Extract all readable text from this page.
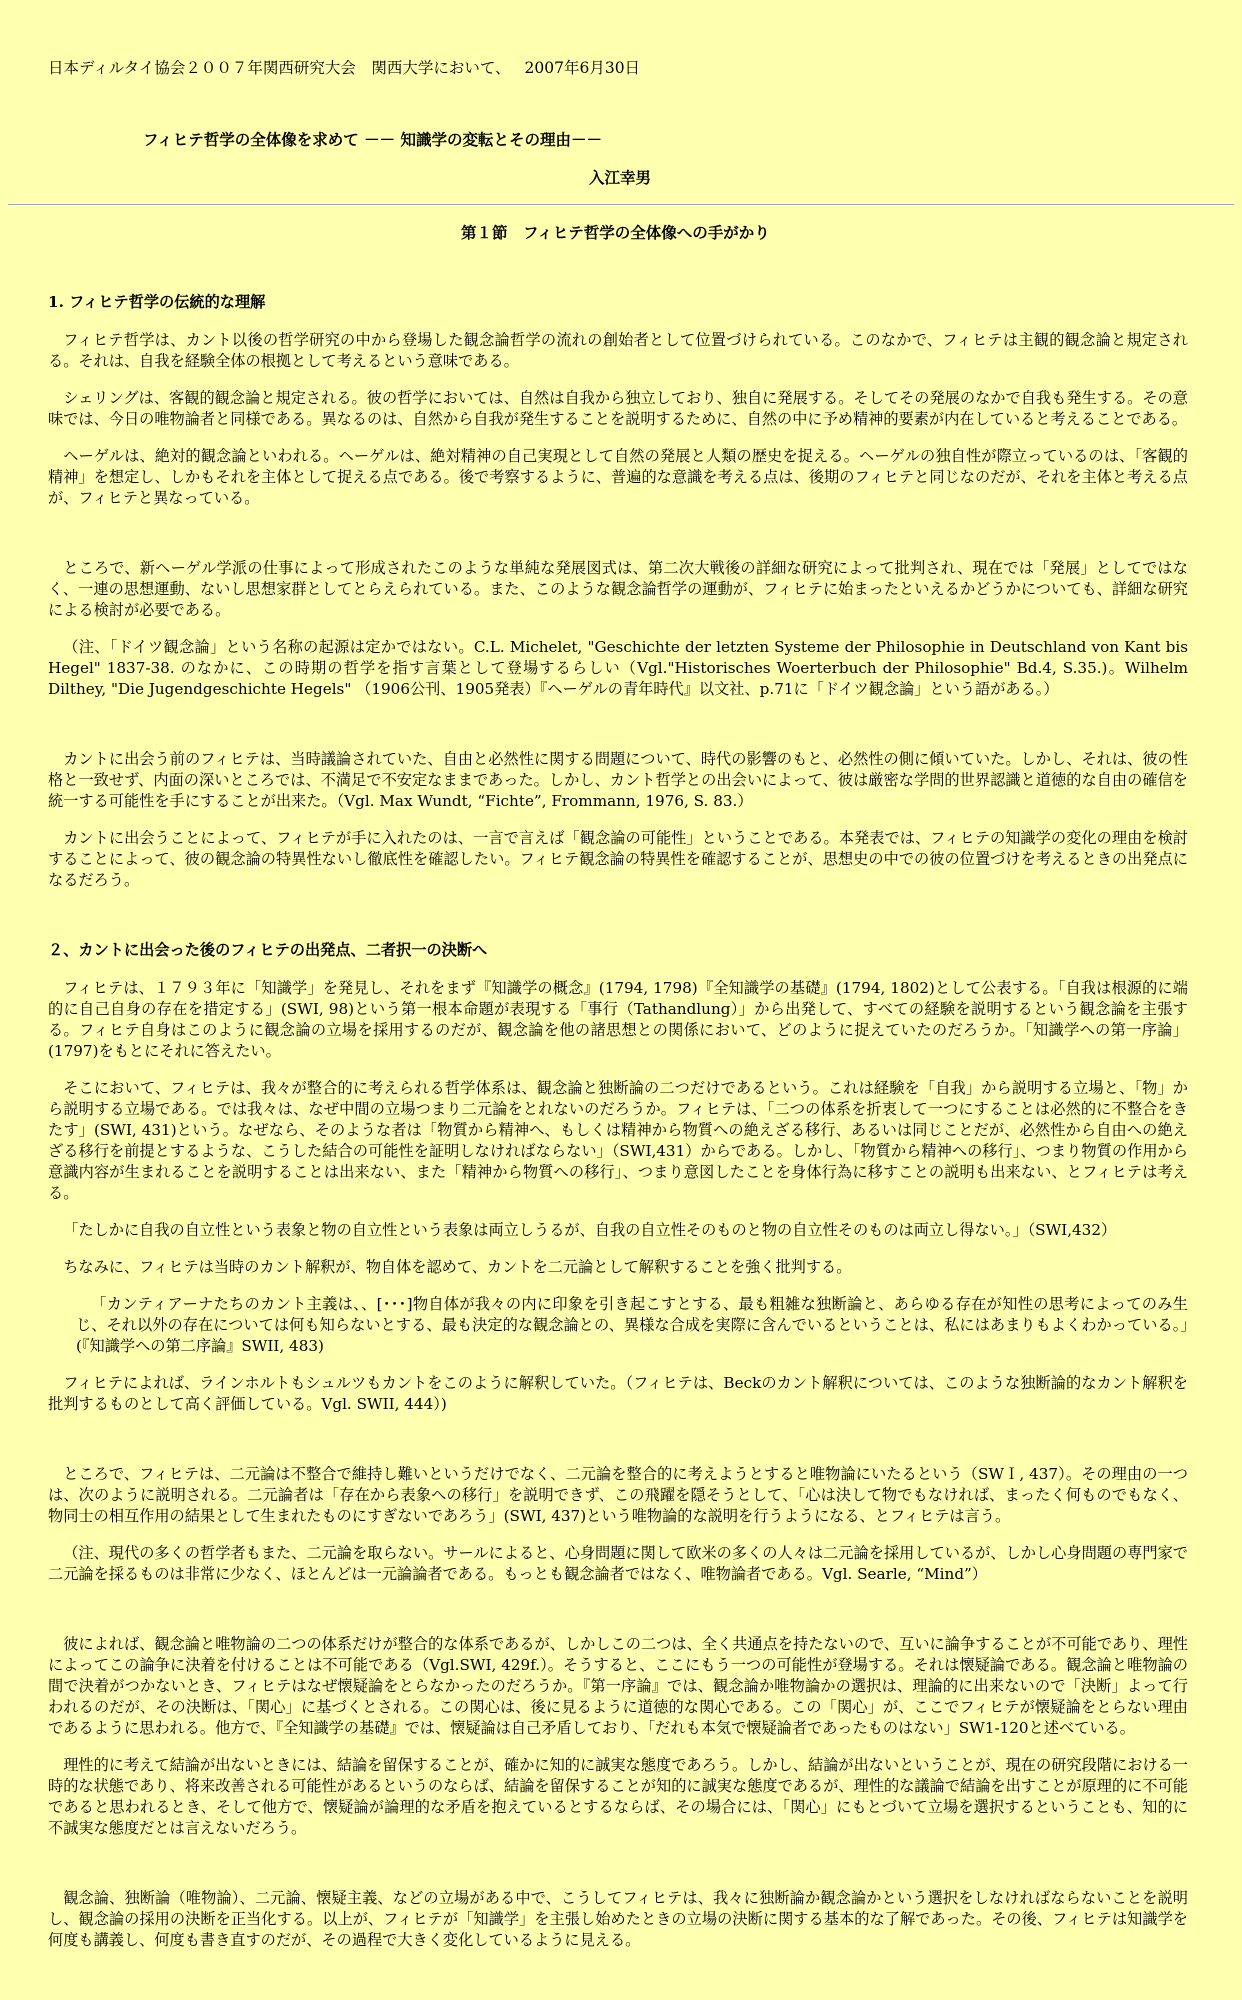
日本ディルタイ協会２００７年関西研究大会　関西大学において、 2007年6月30日

フィヒテ哲学の全体像を求めて －－ 知識学の変転とその理由－－

入江幸男

第１節　フィヒテ哲学の全体像への手がかり

1. フィヒテ哲学の伝統的な理解

フィヒテ哲学は、カント以後の哲学研究の中から登場した観念論哲学の流れの創始者として位置づけられている。このなかで、フィヒテは主観的観念論と規定される。それは、自我を経験全体の根拠として考えるという意味である。

シェリングは、客観的観念論と規定される。彼の哲学においては、自然は自我から独立しており、独自に発展する。そしてその発展のなかで自我も発生する。その意味では、今日の唯物論者と同様である。異なるのは、自然から自我が発生することを説明するために、自然の中に予め精神的要素が内在していると考えることである。

ヘーゲルは、絶対的観念論といわれる。ヘーゲルは、絶対精神の自己実現として自然の発展と人類の歴史を捉える。ヘーゲルの独自性が際立っているのは、「客観的精神」を想定し、しかもそれを主体として捉える点である。後で考察するように、普遍的な意識を考える点は、後期のフィヒテと同じなのだが、それを主体と考える点が、フィヒテと異なっている。

ところで、新ヘーゲル学派の仕事によって形成されたこのような単純な発展図式は、第二次大戦後の詳細な研究によって批判され、現在では「発展」としてではなく、一連の思想運動、ないし思想家群としてとらえられている。また、このような観念論哲学の運動が、フィヒテに始まったといえるかどうかについても、詳細な研究による検討が必要である。

（注、「ドイツ観念論」という名称の起源は定かではない。C.L. Michelet, "Geschichte der letzten Systeme der Philosophie in Deutschland von Kant bis Hegel" 1837-38. のなかに、この時期の哲学を指す言葉として登場するらしい（Vgl."Historisches Woerterbuch der Philosophie" Bd.4, S.35.)。Wilhelm Dilthey, "Die Jugendgeschichte Hegels" （1906公刊、1905発表）『ヘーゲルの青年時代』以文社、p.71に「ドイツ観念論」という語がある。）

カントに出会う前のフィヒテは、当時議論されていた、自由と必然性に関する問題について、時代の影響のもと、必然性の側に傾いていた。しかし、それは、彼の性格と一致せず、内面の深いところでは、不満足で不安定なままであった。しかし、カント哲学との出会いによって、彼は厳密な学問的世界認識と道徳的な自由の確信を統一する可能性を手にすることが出来た。（Vgl. Max Wundt, “Fichte”, Frommann, 1976, S. 83.）

カントに出会うことによって、フィヒテが手に入れたのは、一言で言えば「観念論の可能性」ということである。本発表では、フィヒテの知識学の変化の理由を検討することによって、彼の観念論の特異性ないし徹底性を確認したい。フィヒテ観念論の特異性を確認することが、思想史の中での彼の位置づけを考えるときの出発点になるだろう。

２、カントに出会った後のフィヒテの出発点、二者択一の決断へ

フィヒテは、１７９３年に「知識学」を発見し、それをまず『知識学の概念』(1794, 1798)『全知識学の基礎』(1794, 1802)として公表する。「自我は根源的に端的に自己自身の存在を措定する」(SWI, 98)という第一根本命題が表現する「事行（Tathandlung）」から出発して、すべての経験を説明するという観念論を主張する。フィヒテ自身はこのように観念論の立場を採用するのだが、観念論を他の諸思想との関係において、どのように捉えていたのだろうか。「知識学への第一序論」(1797)をもとにそれに答えたい。

そこにおいて、フィヒテは、我々が整合的に考えられる哲学体系は、観念論と独断論の二つだけであるという。これは経験を「自我」から説明する立場と、「物」から説明する立場である。では我々は、なぜ中間の立場つまり二元論をとれないのだろうか。フィヒテは、「二つの体系を折衷して一つにすることは必然的に不整合をきたす」(SWI, 431)という。なぜなら、そのような者は「物質から精神へ、もしくは精神から物質への絶えざる移行、あるいは同じことだが、必然性から自由への絶えざる移行を前提とするような、こうした結合の可能性を証明しなければならない」（SWI,431）からである。しかし、「物質から精神への移行」、つまり物質の作用から意識内容が生まれることを説明することは出来ない、また「精神から物質への移行」、つまり意図したことを身体行為に移すことの説明も出来ない、とフィヒテは考える。

「たしかに自我の自立性という表象と物の自立性という表象は両立しうるが、自我の自立性そのものと物の自立性そのものは両立し得ない。」（SWI,432）

ちなみに、フィヒテは当時のカント解釈が、物自体を認めて、カントを二元論として解釈することを強く批判する。

「カンティアーナたちのカント主義は、、[･･･]物自体が我々の内に印象を引き起こすとする、最も粗雑な独断論と、あらゆる存在が知性の思考によってのみ生じ、それ以外の存在については何も知らないとする、最も決定的な観念論との、異様な合成を実際に含んでいるということは、私にはあまりもよくわかっている。」(『知識学への第二序論』SWII, 483)

フィヒテによれば、ラインホルトもシュルツもカントをこのように解釈していた。（フィヒテは、Beckのカント解釈については、このような独断論的なカント解釈を批判するものとして高く評価している。Vgl. SWII, 444）)

ところで、フィヒテは、二元論は不整合で維持し難いというだけでなく、二元論を整合的に考えようとすると唯物論にいたるという（SWＩ, 437）。その理由の一つは、次のように説明される。二元論者は「存在から表象への移行」を説明できず、この飛躍を隠そうとして、「心は決して物でもなければ、まったく何ものでもなく、物同士の相互作用の結果として生まれたものにすぎないであろう」(SWI, 437)という唯物論的な説明を行うようになる、とフィヒテは言う。

（注、現代の多くの哲学者もまた、二元論を取らない。サールによると、心身問題に関して欧米の多くの人々は二元論を採用しているが、しかし心身問題の専門家で二元論を採るものは非常に少なく、ほとんどは一元論論者である。もっとも観念論者ではなく、唯物論者である。Vgl. Searle, “Mind”）

彼によれば、観念論と唯物論の二つの体系だけが整合的な体系であるが、しかしこの二つは、全く共通点を持たないので、互いに論争することが不可能であり、理性によってこの論争に決着を付けることは不可能である（Vgl.SWI, 429f.）。そうすると、ここにもう一つの可能性が登場する。それは懐疑論である。観念論と唯物論の間で決着がつかないとき、フィヒテはなぜ懐疑論をとらなかったのだろうか。『第一序論』では、観念論か唯物論かの選択は、理論的に出来ないので「決断」よって行われるのだが、その決断は、「関心」に基づくとされる。この関心は、後に見るように道徳的な関心である。この「関心」が、ここでフィヒテが懐疑論をとらない理由であるように思われる。他方で、『全知識学の基礎』では、懐疑論は自己矛盾しており、「だれも本気で懐疑論者であったものはない」SW1-120と述べている。

理性的に考えて結論が出ないときには、結論を留保することが、確かに知的に誠実な態度であろう。しかし、結論が出ないということが、現在の研究段階における一時的な状態であり、将来改善される可能性があるというのならば、結論を留保することが知的に誠実な態度であるが、理性的な議論で結論を出すことが原理的に不可能であると思われるとき、そして他方で、懐疑論が論理的な矛盾を抱えているとするならば、その場合には、「関心」にもとづいて立場を選択するということも、知的に不誠実な態度だとは言えないだろう。

観念論、独断論（唯物論）、二元論、懐疑主義、などの立場がある中で、こうしてフィヒテは、我々に独断論か観念論かという選択をしなければならないことを説明し、観念論の採用の決断を正当化する。以上が、フィヒテが「知識学」を主張し始めたときの立場の決断に関する基本的な了解であった。その後、フィヒテは知識学を何度も講義し、何度も書き直すのだが、その過程で大きく変化しているように見える。
